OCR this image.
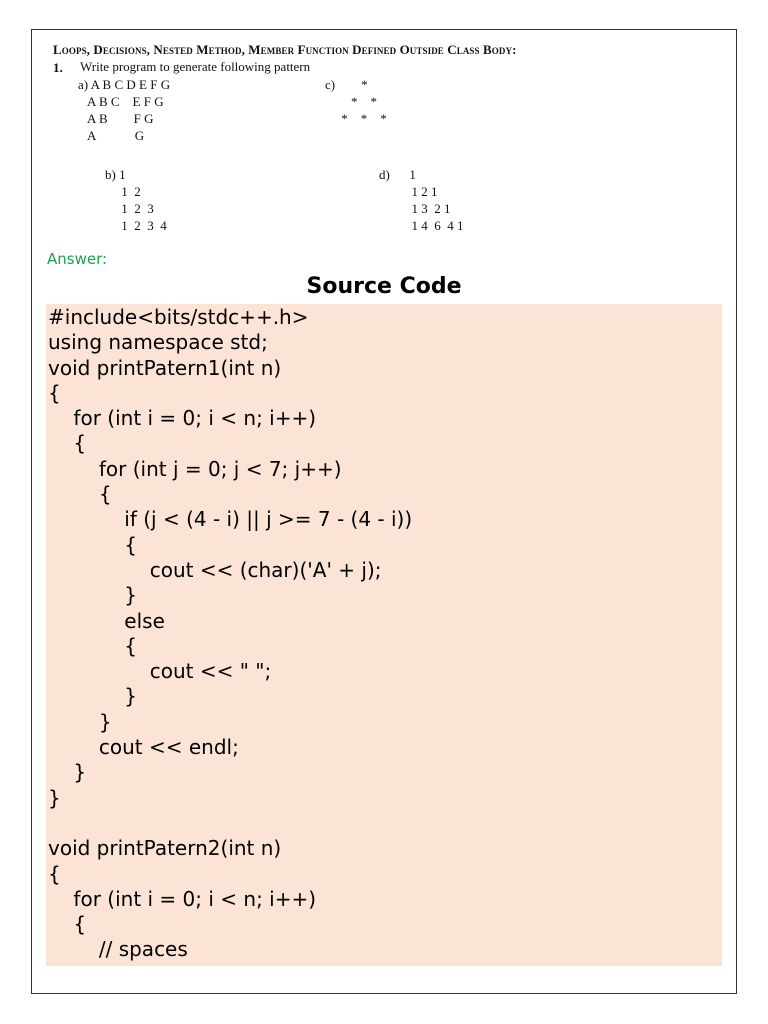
Loops, Decisions, Nested Method, Member Function Defined Outside Class Body:
1. Write program to generate following pattern
a) A B C D E F G
A B C    E F G
A B        F G
A            G
b) 1
1  2
1  2  3
1  2  3  4
c)        *
*    *
*    *    *
d)      1
1 2 1
1 3  2 1
1 4  6  4 1
Answer:
Source Code
#include<bits/stdc++.h>
using namespace std;
void printPatern1(int n)
{
for (int i = 0; i < n; i++)
{
for (int j = 0; j < 7; j++)
{
if (j < (4 - i) || j >= 7 - (4 - i))
{
cout << (char)('A' + j);
}
else
{
cout << " ";
}
}
cout << endl;
}
}

void printPatern2(int n)
{
for (int i = 0; i < n; i++)
{
// spaces
